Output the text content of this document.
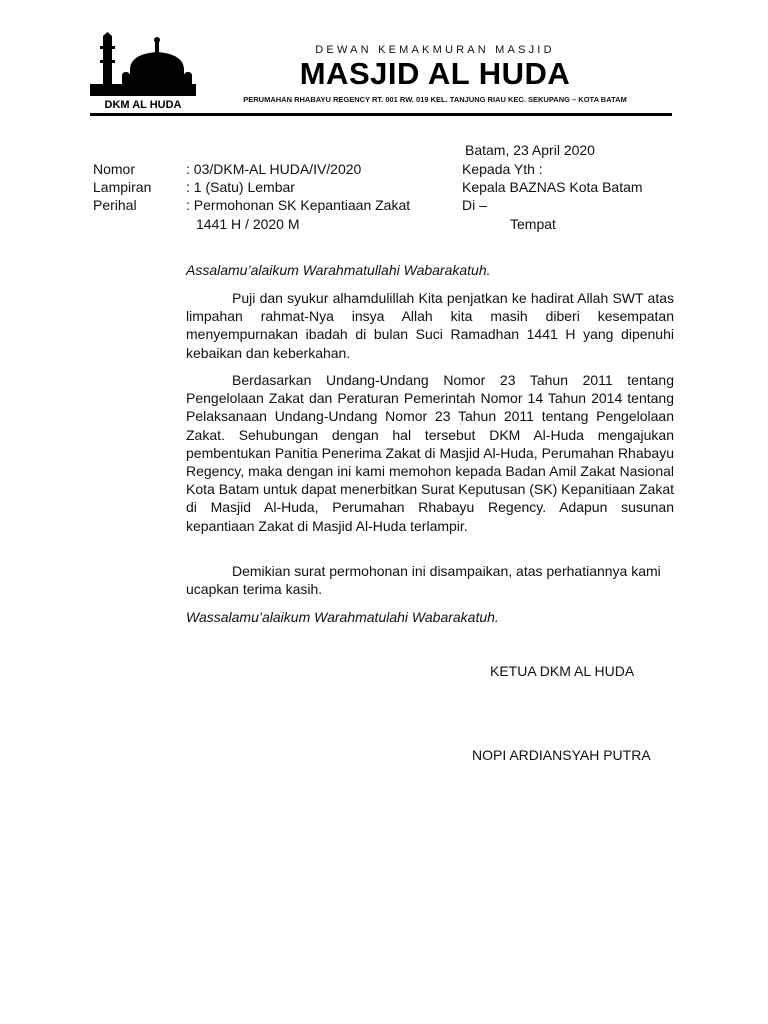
DKM AL HUDA
DEWAN KEMAKMURAN MASJID
MASJID AL HUDA
PERUMAHAN RHABAYU REGENCY RT. 001 RW. 019 KEL. TANJUNG RIAU KEC. SEKUPANG – KOTA BATAM
Batam, 23 April 2020
Nomor
Lampiran
Perihal
: 03/DKM-AL HUDA/IV/2020
: 1 (Satu) Lembar
: Permohonan SK Kepantiaan Zakat
1441 H / 2020 M
Kepada Yth :
Kepala BAZNAS Kota Batam
Di –
Tempat
Assalamu’alaikum Warahmatullahi Wabarakatuh.

Puji dan syukur alhamdulillah Kita penjatkan ke hadirat Allah SWT atas limpahan rahmat-Nya insya Allah kita masih diberi kesempatan menyempurnakan ibadah di bulan Suci Ramadhan 1441 H yang dipenuhi kebaikan dan keberkahan.

Berdasarkan Undang-Undang Nomor 23 Tahun 2011 tentang Pengelolaan Zakat dan Peraturan Pemerintah Nomor 14 Tahun 2014 tentang Pelaksanaan Undang-Undang Nomor 23 Tahun 2011 tentang Pengelolaan Zakat. Sehubungan dengan hal tersebut DKM Al-Huda mengajukan pembentukan Panitia Penerima Zakat di Masjid Al-Huda, Perumahan Rhabayu Regency, maka dengan ini kami memohon kepada Badan Amil Zakat Nasional Kota Batam untuk dapat menerbitkan Surat Keputusan (SK) Kepanitiaan Zakat di Masjid Al-Huda, Perumahan Rhabayu Regency. Adapun susunan kepantiaan Zakat di Masjid Al-Huda terlampir.

Demikian surat permohonan ini disampaikan, atas perhatiannya kami ucapkan terima kasih.

Wassalamu’alaikum Warahmatulahi Wabarakatuh.
KETUA DKM AL HUDA
NOPI ARDIANSYAH PUTRA
